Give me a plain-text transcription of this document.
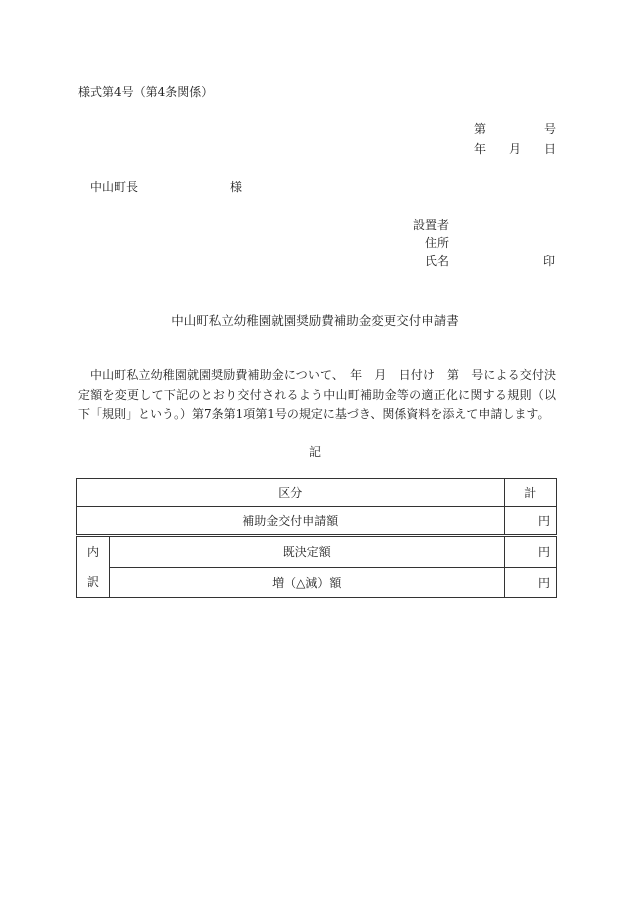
様式第4号（第4条関係）
第	号
年 月 日
中山町長	様
設置者
住所
氏名	印
中山町私立幼稚園就園奨励費補助金変更交付申請書
中山町私立幼稚園就園奨励費補助金について、　年　月　日付け　第　号による交付決定額を変更して下記のとおり交付されるよう中山町補助金等の適正化に関する規則（以下「規則」という。）第7条第1項第1号の規定に基づき、関係資料を添えて申請します。
記
区分		計
補助金交付申請額		円

内
訳	既決定額	円
	増（△減）額	円
